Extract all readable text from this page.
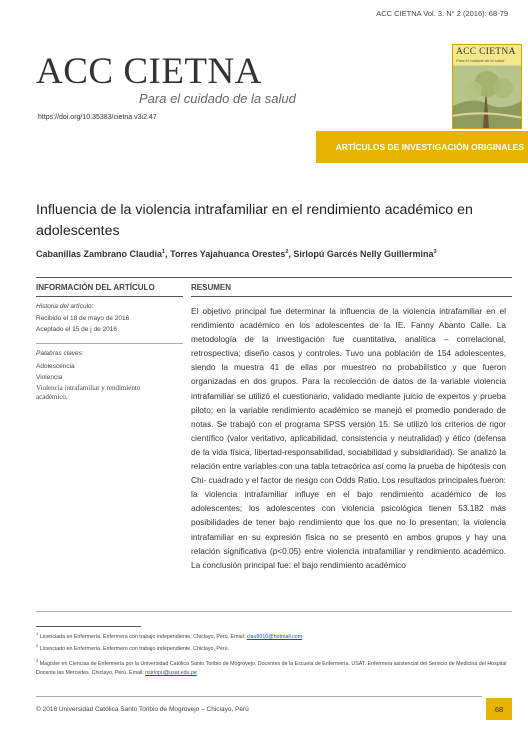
ACC CIETNA Vol. 3. N° 2 (2016): 68-79
ACC CIETNA
Para el cuidado de la salud
https://doi.org/10.35383/cietna.v3i2.47
ACC CIETNA
Para el cuidado de la salud
ARTÍCULOS DE INVESTIGACIÓN ORIGINALES
Influencia de la violencia intrafamiliar en el rendimiento académico en adolescentes
Cabanillas Zambrano Claudia$^1$, Torres Yajahuanca Orestes$^2$, Sirlopú Garcés Nelly Guillermina$^3$
INFORMACIÓN DEL ARTÍCULO	RESUMEN
Historia del artículo:
Recibido el 18 de mayo de 2016
Aceptado el 15 de j de 2016
Palabras claves:
Adolescencia
Violencia
Violencia intrafamiliar y rendimiento
académico.
El objetivo principal fue determinar la influencia de la violencia intrafamiliar en el rendimiento académico en los adolescentes de la IE. Fanny Abanto Calle. La metodología de la investigación fue cuantitativa, analítica – correlacional, retrospectiva; diseño casos y controles. Tuvo una población de 154 adolescentes, siendo la muestra 41 de ellas por muestreo no probabilístico y que fueron organizadas en dos grupos. Para la recolección de datos de la variable violencia intrafamiliar se utilizó el cuestionario, validado mediante juicio de expertos y prueba piloto; en la variable rendimiento académico se manejó el promedio ponderado de notas. Se trabajó con el programa SPSS versión 15. Se utilizó los criterios de rigor científico (valor veritativo, aplicabilidad, consistencia y neutralidad) y ético (defensa de la vida física, libertad-responsabilidad, sociabilidad y subsidiaridad). Se analizó la relación entre variables con una tabla tetracórica así como la prueba de hipótesis con Chi- cuadrado y el factor de riesgo con Odds Ratio. Los resultados principales fueron: la violencia intrafamiliar influye en el bajo rendimiento académico de los adolescentes; los adolescentes con violencia psicológica tienen 53.182 más posibilidades de tener bajo rendimiento que los que no lo presentan; la violencia intrafamiliar en su expresión física no se presentó en ambos grupos y hay una relación significativa (p<0.05) entre violencia intrafamiliar y rendimiento académico. La conclusión principal fue: el bajo rendimiento académico
$^1$ Licenciada en Enfermería. Enfermera con trabajo independiente, Chiclayo, Perú. Email: clau9010@hotmail.com
$^2$ Licenciado en Enfermería. Enfermero con trabajo independiente, Chiclayo, Perú.
$^3$ Magister en Ciencias de Enfermería por la Universidad Católica Santo Toribio de Mogrovejo. Docentes de la Escuela de Enfermería. USAT. Enfermera asistencial del Servicio de Medicina del Hospital Docente las Mercedes. Chiclayo, Perú. Email: nsirlopu@usat.edu.pe
© 2018 Universidad Católica Santo Toribio de Mogrovejo – Chiclayo, Perú	68
